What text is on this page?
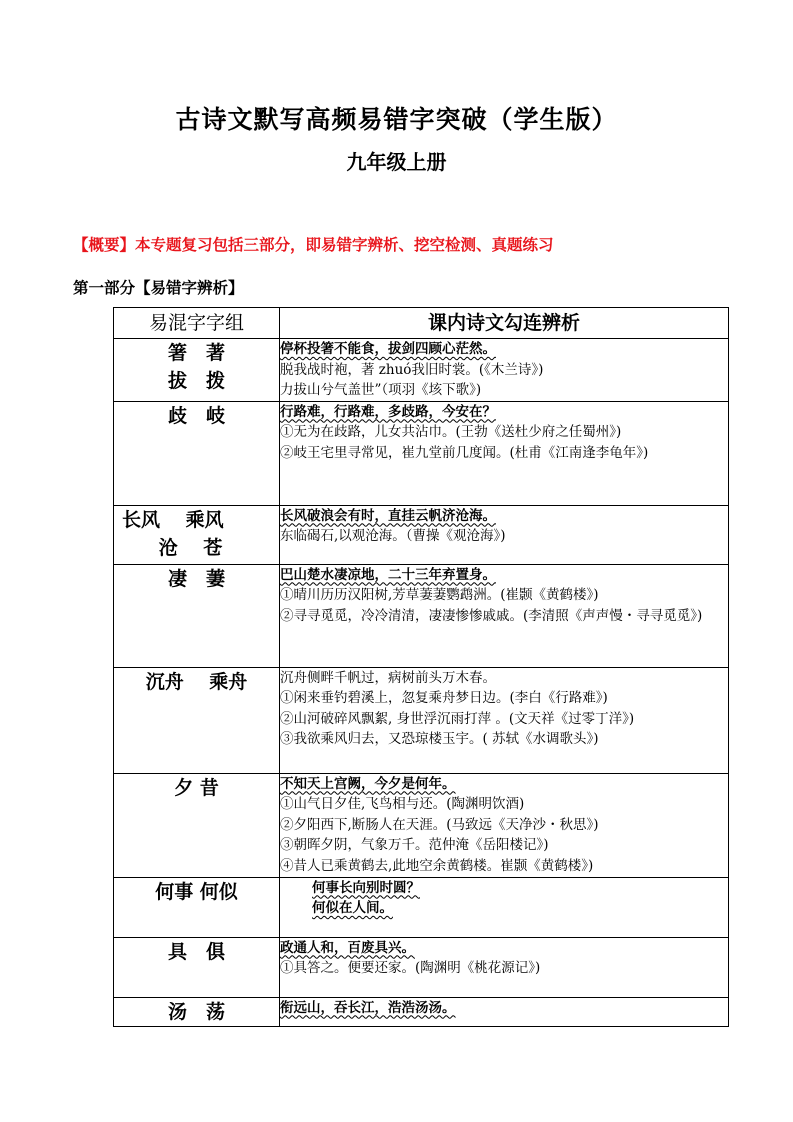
古诗文默写高频易错字突破（学生版）
九年级上册
【概要】本专题复习包括三部分，即易错字辨析、挖空检测、真题练习
第一部分【易错字辨析】
易混字字组	课内诗文勾连辨析

箸　著
拔　拨	停杯投箸不能食，拔剑四顾心茫然。
脱我战时袍，著 zhuó我旧时裳。(《木兰诗》)
力拔山兮气盖世”（项羽《垓下歌》)

歧　岐	行路难，行路难，多歧路，今安在？
①无为在歧路，儿女共沾巾。(王勃《送杜少府之任蜀州》)
②岐王宅里寻常见，崔九堂前几度闻。(杜甫《江南逢李龟年》)

长风　 乘风
沧　 苍	长风破浪会有时，直挂云帆济沧海。
东临碣石,以观沧海。（曹操《观沧海》)

凄　萋	巴山楚水凄凉地，二十三年弃置身。
①晴川历历汉阳树,芳草萋萋鹦鹉洲。(崔颢《黄鹤楼》)
②寻寻觅觅，冷冷清清，凄凄惨惨戚戚。(李清照《声声慢・寻寻觅觅》)

沉舟　 乘舟	沉舟侧畔千帆过，病树前头万木春。
①闲来垂钓碧溪上，忽复乘舟梦日边。(李白《行路难》)
②山河破碎风飘絮, 身世浮沉雨打萍 。(文天祥《过零丁洋》)
③我欲乘风归去，又恐琼楼玉宇。( 苏轼《水调歌头》)

夕 昔	不知天上宫阙，今夕是何年。
①山气日夕佳,飞鸟相与还。(陶渊明饮酒)
②夕阳西下,断肠人在天涯。(马致远《天净沙・秋思》)
③朝晖夕阴，气象万千。范仲淹《岳阳楼记》)
④昔人已乘黄鹤去,此地空余黄鹤楼。崔颢《黄鹤楼》)

何事 何似	何事长向别时圆？
何似在人间。

具　俱	政通人和，百废具兴。
①具答之。便要还家。(陶渊明《桃花源记》)

汤　荡	衔远山，吞长江，浩浩汤汤。
